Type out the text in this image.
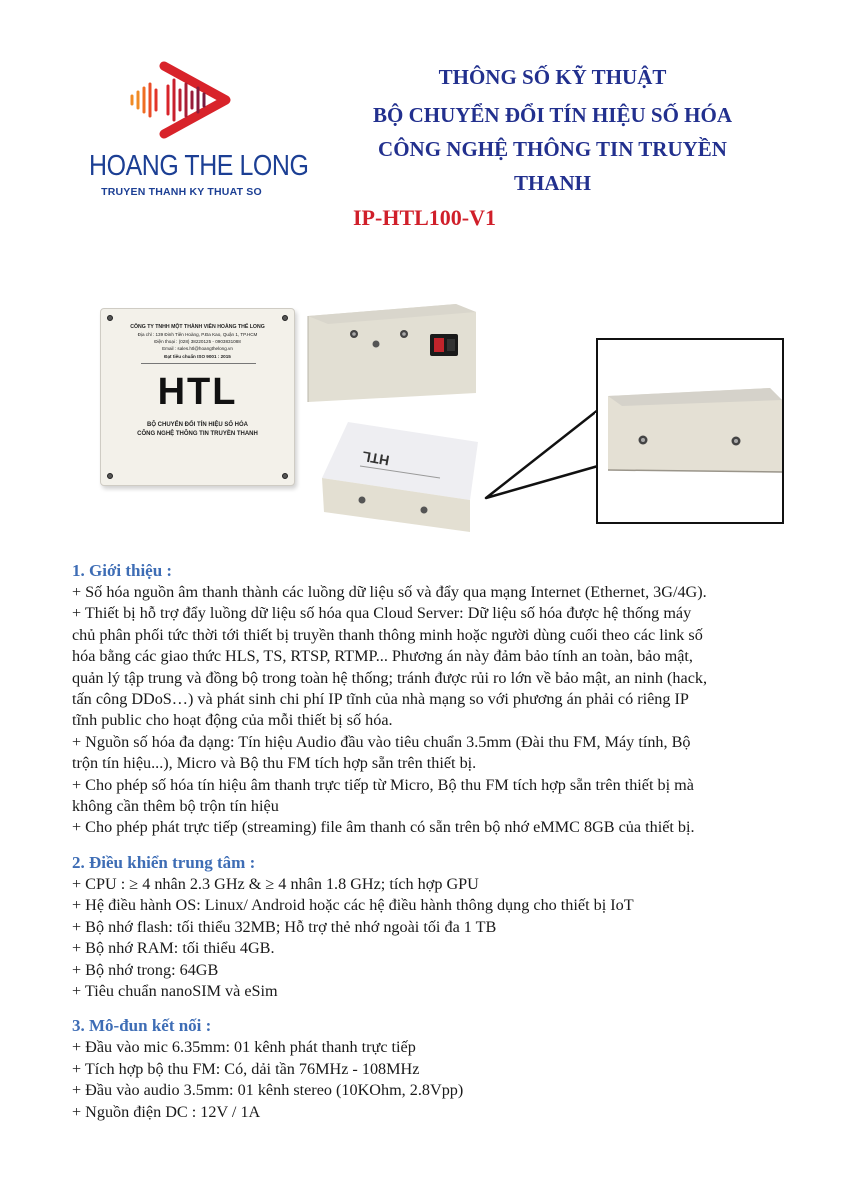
HOANG THE LONG
TRUYEN THANH KY THUAT SO
THÔNG SỐ KỸ THUẬT
BỘ CHUYỂN ĐỔI TÍN HIỆU SỐ HÓA
CÔNG NGHỆ THÔNG TIN TRUYỀN
THANH
IP-HTL100-V1
CÔNG TY TNHH MỘT THÀNH VIÊN HOÀNG THẾ LONG
Địa chỉ : 139 Đinh Tiên Hoàng, P.Đa Kao, Quận 1, TP.HCM
Điện thoại : (028) 38220125 - 0903831088
Email : sales.htl@hoangthelong.vn
Đạt tiêu chuẩn ISO 9001 : 2015
HTL
BỘ CHUYỂN ĐỔI TÍN HIỆU SỐ HÓA
CÔNG NGHỆ THÔNG TIN TRUYỀN THANH
HTL
1. Giới thiệu :
+ Số hóa nguồn âm thanh thành các luồng dữ liệu số và đẩy qua mạng Internet (Ethernet, 3G/4G).
+ Thiết bị hỗ trợ đẩy luồng dữ liệu số hóa qua Cloud Server: Dữ liệu số hóa được hệ thống máy
chủ phân phối tức thời tới thiết bị truyền thanh thông minh hoặc người dùng cuối theo các link số
hóa bằng các giao thức HLS, TS, RTSP, RTMP... Phương án này đảm bảo tính an toàn, bảo mật,
quản lý tập trung và đồng bộ trong toàn hệ thống; tránh được rủi ro lớn về bảo mật, an ninh (hack,
tấn công DDoS…) và phát sinh chi phí IP tĩnh của nhà mạng so với phương án phải có riêng IP
tĩnh public cho hoạt động của mỗi thiết bị số hóa.
+ Nguồn số hóa đa dạng: Tín hiệu Audio đầu vào tiêu chuẩn 3.5mm (Đài thu FM, Máy tính, Bộ
trộn tín hiệu...), Micro và Bộ thu FM tích hợp sẵn trên thiết bị.
+ Cho phép số hóa tín hiệu âm thanh trực tiếp từ Micro, Bộ thu FM tích hợp sẵn trên thiết bị mà
không cần thêm bộ trộn tín hiệu
+ Cho phép phát trực tiếp (streaming) file âm thanh có sẵn trên bộ nhớ eMMC 8GB của thiết bị.
2. Điều khiển trung tâm :
+ CPU : ≥ 4 nhân 2.3 GHz & ≥ 4 nhân 1.8 GHz; tích hợp GPU
+ Hệ điều hành OS: Linux/ Android hoặc các hệ điều hành thông dụng cho thiết bị IoT
+ Bộ nhớ flash: tối thiểu 32MB; Hỗ trợ thẻ nhớ ngoài tối đa 1 TB
+ Bộ nhớ RAM: tối thiểu 4GB.
+ Bộ nhớ trong: 64GB
+ Tiêu chuẩn nanoSIM và eSim
3. Mô-đun kết nối :
+ Đầu vào mic 6.35mm: 01 kênh phát thanh trực tiếp
+ Tích hợp bộ thu FM: Có, dải tần 76MHz - 108MHz
+ Đầu vào audio 3.5mm: 01 kênh stereo (10KOhm, 2.8Vpp)
+ Nguồn điện DC : 12V / 1A
